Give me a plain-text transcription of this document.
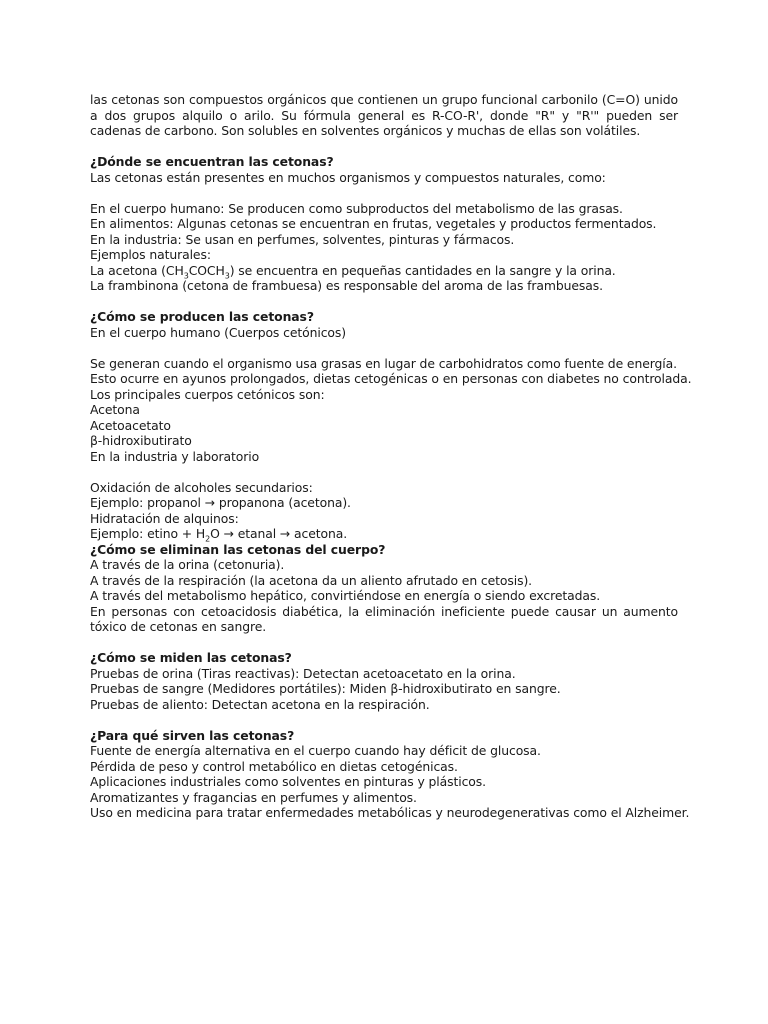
las cetonas son compuestos orgánicos que contienen un grupo funcional carbonilo (C=O) unido a dos grupos alquilo o arilo. Su fórmula general es R-CO-R', donde "R" y "R'" pueden ser cadenas de carbono. Son solubles en solventes orgánicos y muchas de ellas son volátiles.
¿Dónde se encuentran las cetonas?
Las cetonas están presentes en muchos organismos y compuestos naturales, como:
En el cuerpo humano: Se producen como subproductos del metabolismo de las grasas.
En alimentos: Algunas cetonas se encuentran en frutas, vegetales y productos fermentados.
En la industria: Se usan en perfumes, solventes, pinturas y fármacos.
Ejemplos naturales:
La acetona $(CH_3COCH_3)$ se encuentra en pequeñas cantidades en la sangre y la orina.
La frambinona (cetona de frambuesa) es responsable del aroma de las frambuesas.
¿Cómo se producen las cetonas?
En el cuerpo humano (Cuerpos cetónicos)
Se generan cuando el organismo usa grasas en lugar de carbohidratos como fuente de energía.
Esto ocurre en ayunos prolongados, dietas cetogénicas o en personas con diabetes no controlada.
Los principales cuerpos cetónicos son:
Acetona
Acetoacetato
β-hidroxibutirato
En la industria y laboratorio
Oxidación de alcoholes secundarios:
Ejemplo: propanol → propanona (acetona).
Hidratación de alquinos:
Ejemplo: etino + $H_2O$ → etanal → acetona.
¿Cómo se eliminan las cetonas del cuerpo?
A través de la orina (cetonuria).
A través de la respiración (la acetona da un aliento afrutado en cetosis).
A través del metabolismo hepático, convirtiéndose en energía o siendo excretadas.
En personas con cetoacidosis diabética, la eliminación ineficiente puede causar un aumento tóxico de cetonas en sangre.
¿Cómo se miden las cetonas?
Pruebas de orina (Tiras reactivas): Detectan acetoacetato en la orina.
Pruebas de sangre (Medidores portátiles): Miden β-hidroxibutirato en sangre.
Pruebas de aliento: Detectan acetona en la respiración.
¿Para qué sirven las cetonas?
Fuente de energía alternativa en el cuerpo cuando hay déficit de glucosa.
Pérdida de peso y control metabólico en dietas cetogénicas.
Aplicaciones industriales como solventes en pinturas y plásticos.
Aromatizantes y fragancias en perfumes y alimentos.
Uso en medicina para tratar enfermedades metabólicas y neurodegenerativas como el Alzheimer.
